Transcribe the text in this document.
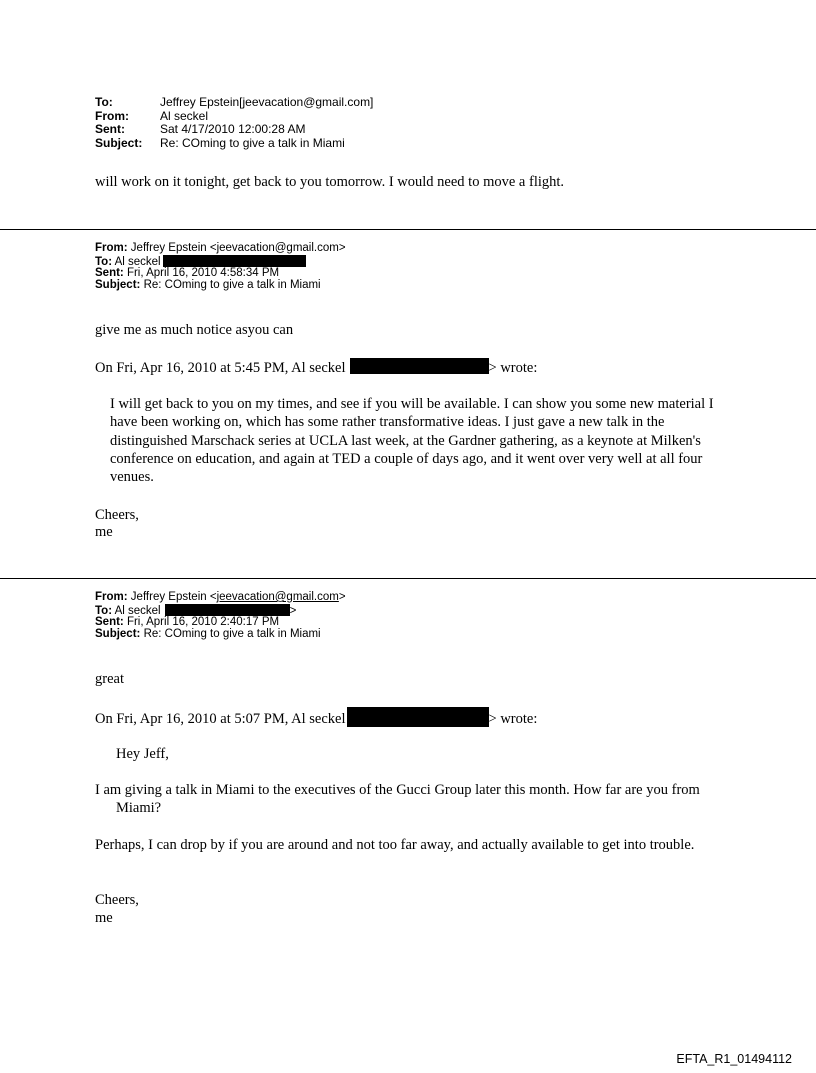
To:	Jeffrey Epstein[jeevacation@gmail.com]
From:	Al seckel
Sent:	Sat 4/17/2010 12:00:28 AM
Subject:	Re: COming to give a talk in Miami
will work on it tonight, get back to you tomorrow. I would need to move a flight.
From: Jeffrey Epstein <jeevacation@gmail.com>
To: Al seckel
Sent: Fri, April 16, 2010 4:58:34 PM
Subject: Re: COming to give a talk in Miami
give me as much notice asyou can
On Fri, Apr 16, 2010 at 5:45 PM, Al seckel	> wrote:
I will get back to you on my times, and see if you will be available. I can show you some new material I have been working on, which has some rather transformative ideas. I just gave a new talk in the distinguished Marschack series at UCLA last week, at the Gardner gathering, as a keynote at Milken's conference on education, and again at TED a couple of days ago, and it went over very well at all four venues.
Cheers,
me
From: Jeffrey Epstein <jeevacation@gmail.com>
To: Al seckel	>
Sent: Fri, April 16, 2010 2:40:17 PM
Subject: Re: COming to give a talk in Miami
great
On Fri, Apr 16, 2010 at 5:07 PM, Al seckel	> wrote:
Hey Jeff,
I am giving a talk in Miami to the executives of the Gucci Group later this month. How far are you from Miami?
Perhaps, I can drop by if you are around and not too far away, and actually available to get into trouble.
Cheers,
me
EFTA_R1_01494112
